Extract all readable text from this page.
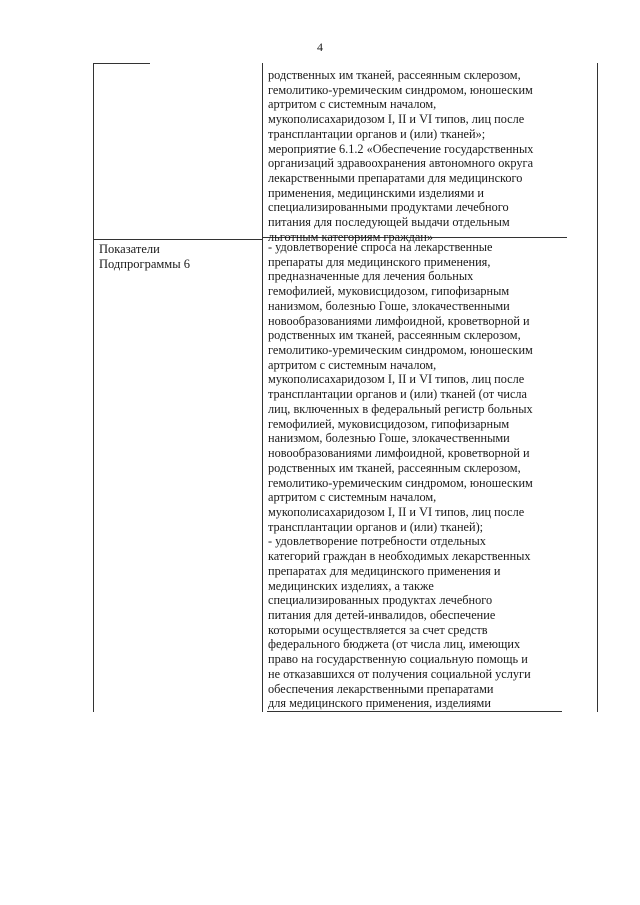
4
Показатели
Подпрограммы 6
родственных им тканей, рассеянным склерозом,
гемолитико-уремическим синдромом, юношеским
артритом с системным началом,
мукополисахаридозом I, II и VI типов, лиц после
трансплантации органов и (или) тканей»;
мероприятие 6.1.2 «Обеспечение государственных
организаций здравоохранения автономного округа
лекарственными препаратами для медицинского
применения, медицинскими изделиями и
специализированными продуктами лечебного
питания для последующей выдачи отдельным
льготным категориям граждан»
- удовлетворение спроса на лекарственные
препараты для медицинского применения,
предназначенные для лечения больных
гемофилией, муковисцидозом, гипофизарным
нанизмом, болезнью Гоше, злокачественными
новообразованиями лимфоидной, кроветворной и
родственных им тканей, рассеянным склерозом,
гемолитико-уремическим синдромом, юношеским
артритом с системным началом,
мукополисахаридозом I, II и VI типов, лиц после
трансплантации органов и (или) тканей (от числа
лиц, включенных в федеральный регистр больных
гемофилией, муковисцидозом, гипофизарным
нанизмом, болезнью Гоше, злокачественными
новообразованиями лимфоидной, кроветворной и
родственных им тканей, рассеянным склерозом,
гемолитико-уремическим синдромом, юношеским
артритом с системным началом,
мукополисахаридозом I, II и VI типов, лиц после
трансплантации органов и (или) тканей);
- удовлетворение потребности отдельных
категорий граждан в необходимых лекарственных
препаратах для медицинского применения и
медицинских изделиях, а также
специализированных продуктах лечебного
питания для детей-инвалидов, обеспечение
которыми осуществляется за счет средств
федерального бюджета (от числа лиц, имеющих
право на государственную социальную помощь и
не отказавшихся от получения социальной услуги
обеспечения лекарственными препаратами
для медицинского применения, изделиями
